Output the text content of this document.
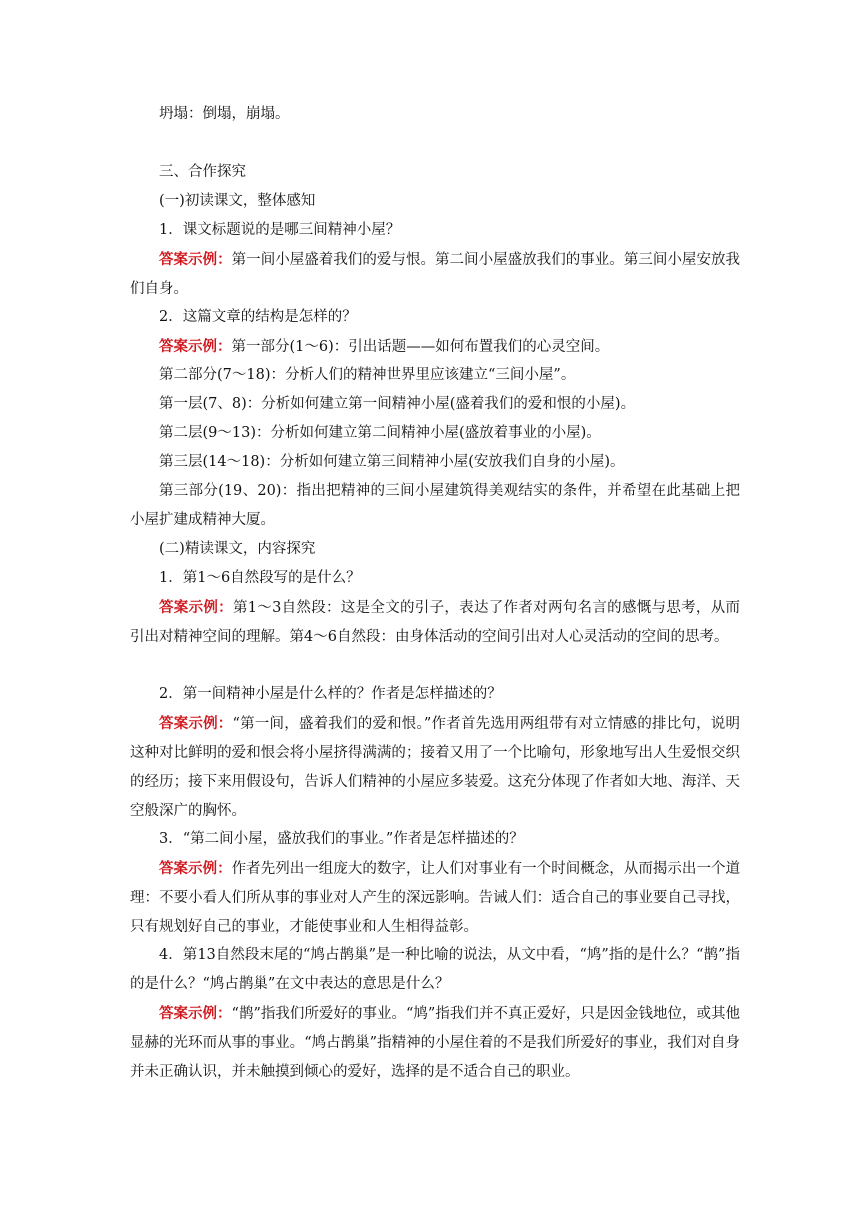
坍塌：倒塌，崩塌。

三、合作探究

(一)初读课文，整体感知

1．课文标题说的是哪三间精神小屋？

答案示例：第一间小屋盛着我们的爱与恨。第二间小屋盛放我们的事业。第三间小屋安放我们自身。

2．这篇文章的结构是怎样的？

答案示例：第一部分(1～6)：引出话题——如何布置我们的心灵空间。

第二部分(7～18)：分析人们的精神世界里应该建立“三间小屋”。

第一层(7、8)：分析如何建立第一间精神小屋(盛着我们的爱和恨的小屋)。

第二层(9～13)：分析如何建立第二间精神小屋(盛放着事业的小屋)。

第三层(14～18)：分析如何建立第三间精神小屋(安放我们自身的小屋)。

第三部分(19、20)：指出把精神的三间小屋建筑得美观结实的条件，并希望在此基础上把小屋扩建成精神大厦。

(二)精读课文，内容探究

1．第1～6自然段写的是什么？

答案示例：第1～3自然段：这是全文的引子，表达了作者对两句名言的感慨与思考，从而引出对精神空间的理解。第4～6自然段：由身体活动的空间引出对人心灵活动的空间的思考。

2．第一间精神小屋是什么样的？作者是怎样描述的？

答案示例：“第一间，盛着我们的爱和恨。”作者首先选用两组带有对立情感的排比句，说明这种对比鲜明的爱和恨会将小屋挤得满满的；接着又用了一个比喻句，形象地写出人生爱恨交织的经历；接下来用假设句，告诉人们精神的小屋应多装爱。这充分体现了作者如大地、海洋、天空般深广的胸怀。

3．“第二间小屋，盛放我们的事业。”作者是怎样描述的？

答案示例：作者先列出一组庞大的数字，让人们对事业有一个时间概念，从而揭示出一个道理：不要小看人们所从事的事业对人产生的深远影响。告诫人们：适合自己的事业要自己寻找，只有规划好自己的事业，才能使事业和人生相得益彰。

4．第13自然段末尾的“鸠占鹊巢”是一种比喻的说法，从文中看，“鸠”指的是什么？“鹊”指的是什么？“鸠占鹊巢”在文中表达的意思是什么？

答案示例：“鹊”指我们所爱好的事业。“鸠”指我们并不真正爱好，只是因金钱地位，或其他显赫的光环而从事的事业。“鸠占鹊巢”指精神的小屋住着的不是我们所爱好的事业，我们对自身并未正确认识，并未触摸到倾心的爱好，选择的是不适合自己的职业。
